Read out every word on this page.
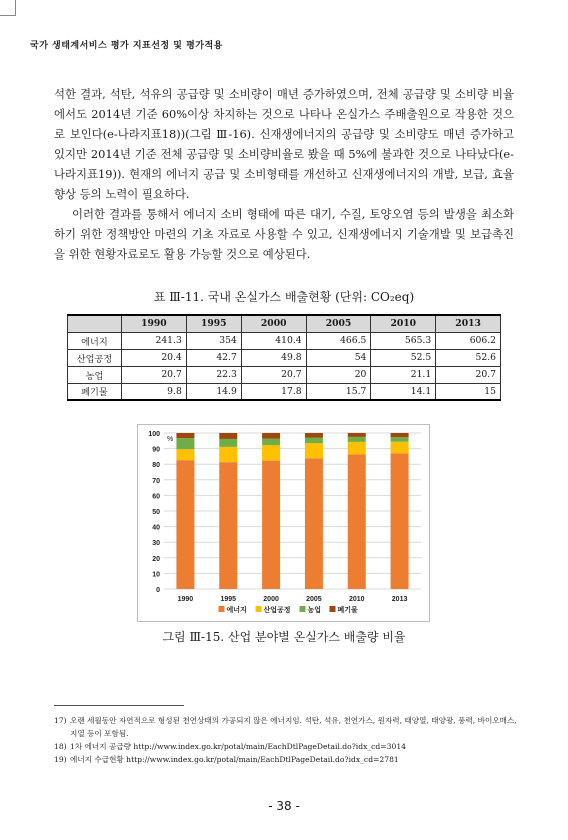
국가 생태계서비스 평가 지표선정 및 평가적용

석한 결과, 석탄, 석유의 공급량 및 소비량이 매년 증가하였으며, 전체 공급량 및 소비량 비율에서도 2014년 기준 60%이상 차지하는 것으로 나타나 온실가스 주배출원으로 작용한 것으로 보인다(e-나라지표18))(그림 Ⅲ-16). 신재생에너지의 공급량 및 소비량도 매년 증가하고 있지만 2014년 기준 전체 공급량 및 소비량비율로 봤을 때 5%에 불과한 것으로 나타났다(e-나라지표19)). 현재의 에너지 공급 및 소비형태를 개선하고 신재생에너지의 개발, 보급, 효율 향상 등의 노력이 필요하다.

이러한 결과를 통해서 에너지 소비 형태에 따른 대기, 수질, 토양오염 등의 발생을 최소화하기 위한 정책방안 마련의 기초 자료로 사용할 수 있고, 신재생에너지 기술개발 및 보급촉진을 위한 현황자료로도 활용 가능할 것으로 예상된다.

표 Ⅲ-11. 국내 온실가스 배출현황 (단위: CO₂eq)
	1990	1995	2000	2005	2010	2013
에너지	241.3	354	410.4	466.5	565.3	606.2
산업공정	20.4	42.7	49.8	54	52.5	52.6
농업	20.7	22.3	20.7	20	21.1	20.7
폐기물	9.8	14.9	17.8	15.7	14.1	15
0
10
20
30
40
50
60
70
80
90
100
%
1990	1995	2000	2005	2010	2013
에너지 산업공정 농업 폐기물
그림 Ⅲ-15. 산업 분야별 온실가스 배출량 비율
17) 오랜 세월동안 자연적으로 형성된 천연상태의 가공되지 않은 에너지임. 석탄, 석유, 천연가스, 원자력, 태양열, 태양광, 풍력, 바이오매스, 지열 등이 포함됨.
18) 1차 에너지 공급량 http://www.index.go.kr/potal/main/EachDtlPageDetail.do?idx_cd=3014
19) 에너지 수급현황 http://www.index.go.kr/potal/main/EachDtlPageDetail.do?idx_cd=2781
- 38 -
